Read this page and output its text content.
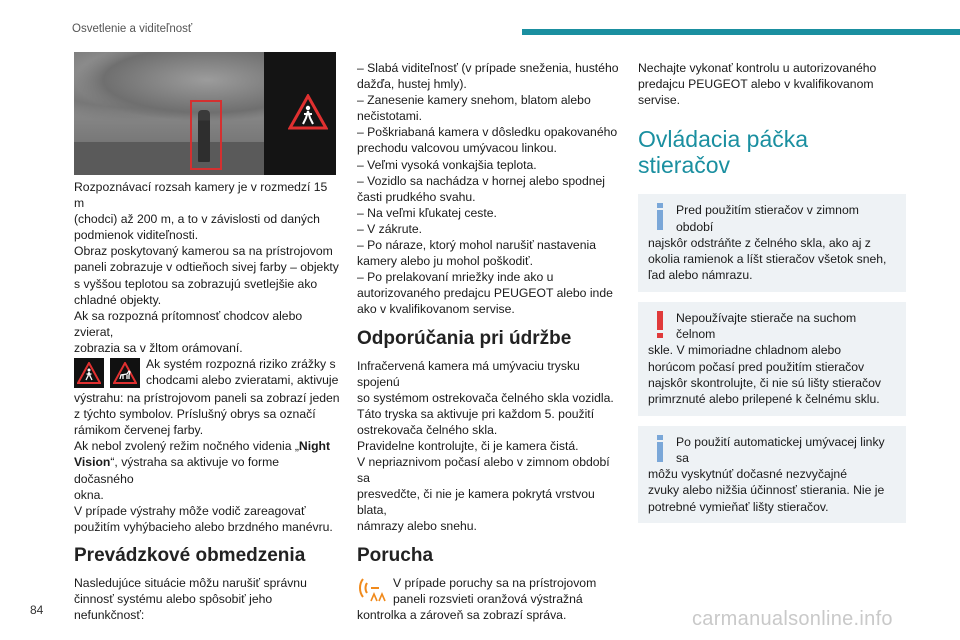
Osvetlenie a viditeľnosť

Rozpoznávací rozsah kamery je v rozmedzí 15 m
(chodci) až 200 m, a to v závislosti od daných
podmienok viditeľnosti.
Obraz poskytovaný kamerou sa na prístrojovom
paneli zobrazuje v odtieňoch sivej farby – objekty
s vyššou teplotou sa zobrazujú svetlejšie ako
chladné objekty.
Ak sa rozpozná prítomnosť chodcov alebo zvierat,
zobrazia sa v žltom orámovaní.

Ak systém rozpozná riziko zrážky s
chodcami alebo zvieratami, aktivuje

výstrahu: na prístrojovom paneli sa zobrazí jeden
z týchto symbolov. Príslušný obrys sa označí
rámikom červenej farby.
Ak nebol zvolený režim nočného videnia „Night
Vision“, výstraha sa aktivuje vo forme dočasného
okna.
V prípade výstrahy môže vodič zareagovať
použitím vyhýbacieho alebo brzdného manévru.

Prevádzkové obmedzenia

Nasledujúce situácie môžu narušiť správnu
činnosť systému alebo spôsobiť jeho
nefunkčnosť:

– Slabá viditeľnosť (v prípade sneženia, hustého
dažďa, hustej hmly).
– Zanesenie kamery snehom, blatom alebo
nečistotami.
– Poškriabaná kamera v dôsledku opakovaného
prechodu valcovou umývacou linkou.
– Veľmi vysoká vonkajšia teplota.
– Vozidlo sa nachádza v hornej alebo spodnej
časti prudkého svahu.
– Na veľmi kľukatej ceste.
– V zákrute.
– Po náraze, ktorý mohol narušiť nastavenia
kamery alebo ju mohol poškodiť.
– Po prelakovaní mriežky inde ako u
autorizovaného predajcu PEUGEOT alebo inde
ako v kvalifikovanom servise.

Odporúčania pri údržbe

Infračervená kamera má umývaciu trysku spojenú
so systémom ostrekovača čelného skla vozidla.
Táto tryska sa aktivuje pri každom 5. použití
ostrekovača čelného skla.
Pravidelne kontrolujte, či je kamera čistá.
V nepriaznivom počasí alebo v zimnom období sa
presvedčte, či nie je kamera pokrytá vrstvou blata,
námrazy alebo snehu.

Porucha
V prípade poruchy sa na prístrojovom
paneli rozsvieti oranžová výstražná
kontrolka a zároveň sa zobrazí správa.

Nechajte vykonať kontrolu u autorizovaného
predajcu PEUGEOT alebo v kvalifikovanom
servise.

Ovládacia páčka stieračov
Pred použitím stieračov v zimnom období
najskôr odstráňte z čelného skla, ako aj z
okolia ramienok a líšt stieračov všetok sneh,
ľad alebo námrazu.
Nepoužívajte stierače na suchom čelnom
skle. V mimoriadne chladnom alebo
horúcom počasí pred použitím stieračov
najskôr skontrolujte, či nie sú lišty stieračov
primrznuté alebo prilepené k čelnému sklu.
Po použití automatickej umývacej linky sa
môžu vyskytnúť dočasné nezvyčajné
zvuky alebo nižšia účinnosť stierania. Nie je
potrebné vymieňať lišty stieračov.
84	carmanualsonline.info
